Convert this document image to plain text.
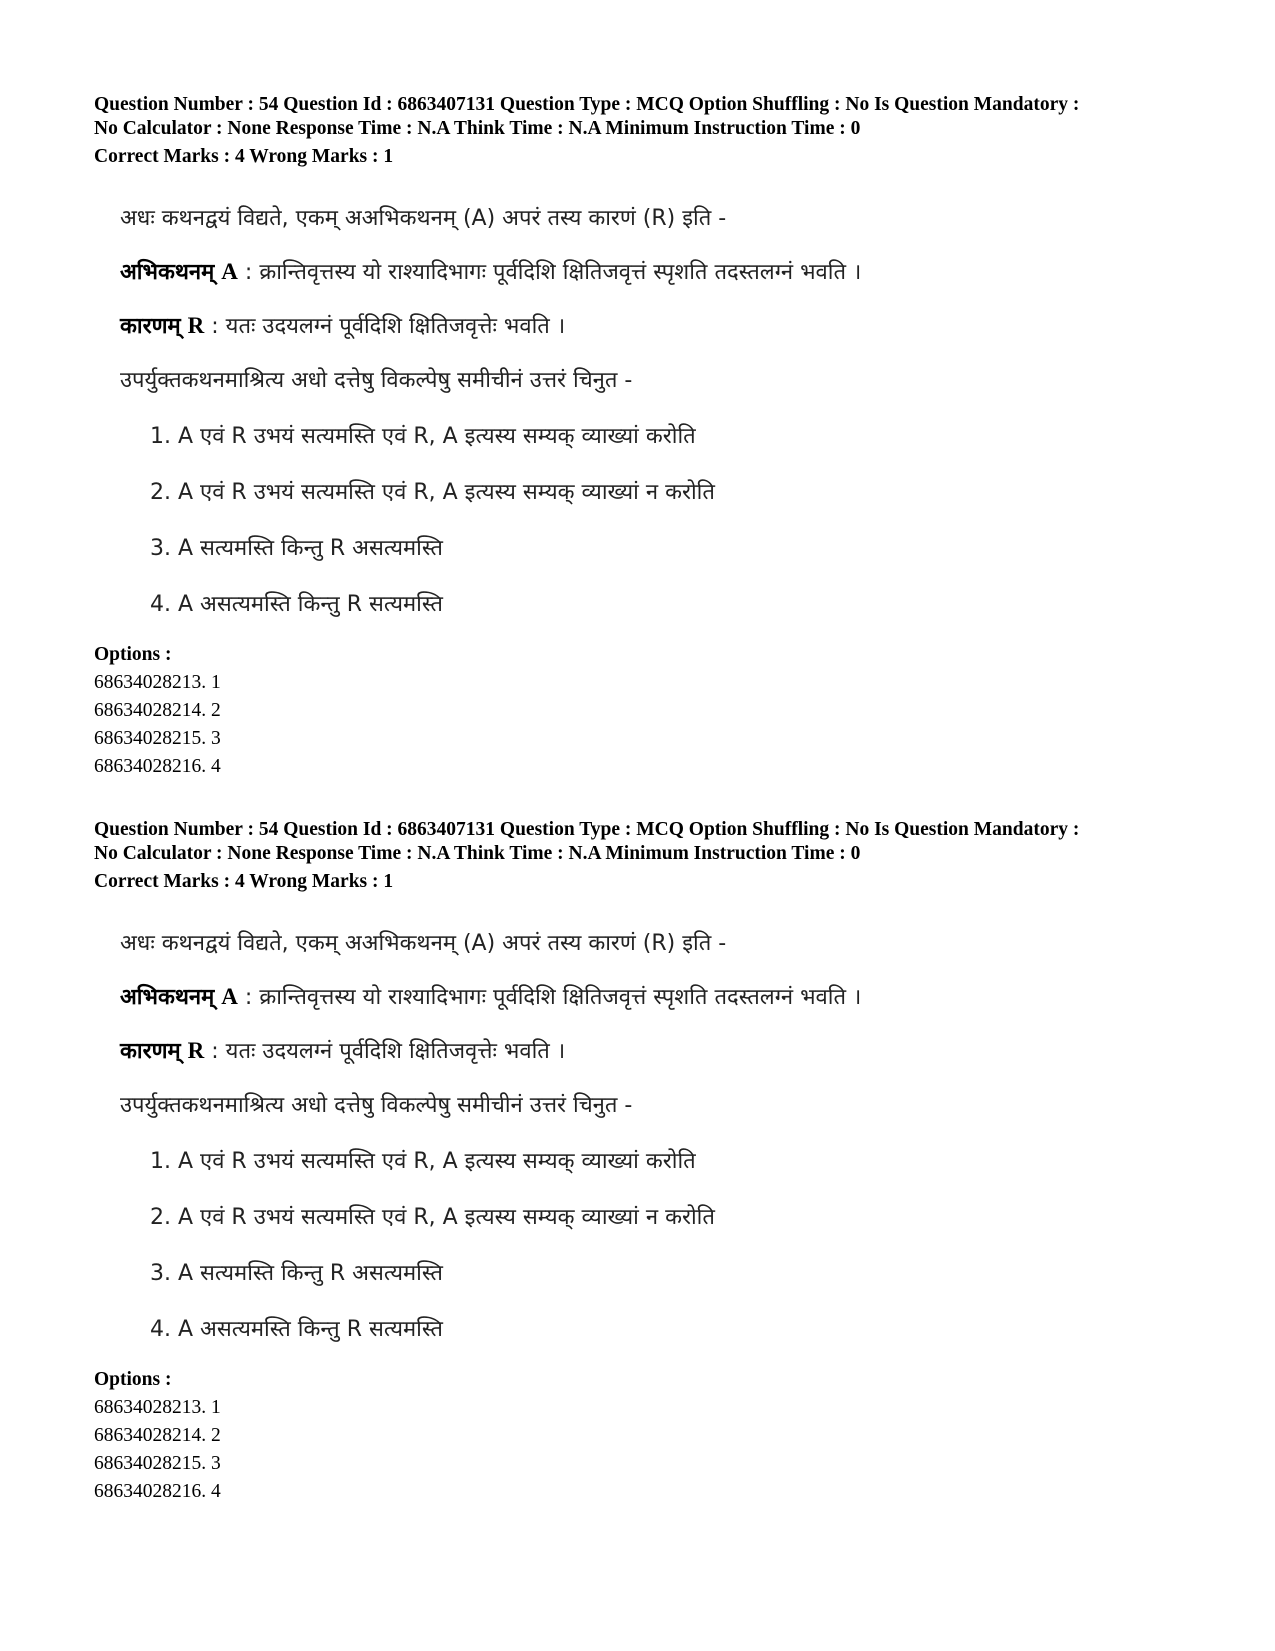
Question Number : 54 Question Id : 6863407131 Question Type : MCQ Option Shuffling : No Is Question Mandatory :
No Calculator : None Response Time : N.A Think Time : N.A Minimum Instruction Time : 0
Correct Marks : 4 Wrong Marks : 1
अधः कथनद्वयं विद्यते, एकम् अअभिकथनम् (A) अपरं तस्य कारणं (R) इति -
अभिकथनम् A : क्रान्तिवृत्तस्य यो राश्यादिभागः पूर्वदिशि क्षितिजवृत्तं स्पृशति तदस्तलग्नं भवति ।
कारणम् R : यतः उदयलग्नं पूर्वदिशि क्षितिजवृत्तेः भवति ।
उपर्युक्तकथनमाश्रित्य अधो दत्तेषु विकल्पेषु समीचीनं उत्तरं चिनुत -
1. A एवं R उभयं सत्यमस्ति एवं R, A इत्यस्य सम्यक् व्याख्यां करोति
2. A एवं R उभयं सत्यमस्ति एवं R, A इत्यस्य सम्यक् व्याख्यां न करोति
3. A सत्यमस्ति किन्तु R असत्यमस्ति
4. A असत्यमस्ति किन्तु R सत्यमस्ति
Options :
68634028213. 1
68634028214. 2
68634028215. 3
68634028216. 4
Question Number : 54 Question Id : 6863407131 Question Type : MCQ Option Shuffling : No Is Question Mandatory :
No Calculator : None Response Time : N.A Think Time : N.A Minimum Instruction Time : 0
Correct Marks : 4 Wrong Marks : 1
अधः कथनद्वयं विद्यते, एकम् अअभिकथनम् (A) अपरं तस्य कारणं (R) इति -
अभिकथनम् A : क्रान्तिवृत्तस्य यो राश्यादिभागः पूर्वदिशि क्षितिजवृत्तं स्पृशति तदस्तलग्नं भवति ।
कारणम् R : यतः उदयलग्नं पूर्वदिशि क्षितिजवृत्तेः भवति ।
उपर्युक्तकथनमाश्रित्य अधो दत्तेषु विकल्पेषु समीचीनं उत्तरं चिनुत -
1. A एवं R उभयं सत्यमस्ति एवं R, A इत्यस्य सम्यक् व्याख्यां करोति
2. A एवं R उभयं सत्यमस्ति एवं R, A इत्यस्य सम्यक् व्याख्यां न करोति
3. A सत्यमस्ति किन्तु R असत्यमस्ति
4. A असत्यमस्ति किन्तु R सत्यमस्ति
Options :
68634028213. 1
68634028214. 2
68634028215. 3
68634028216. 4
